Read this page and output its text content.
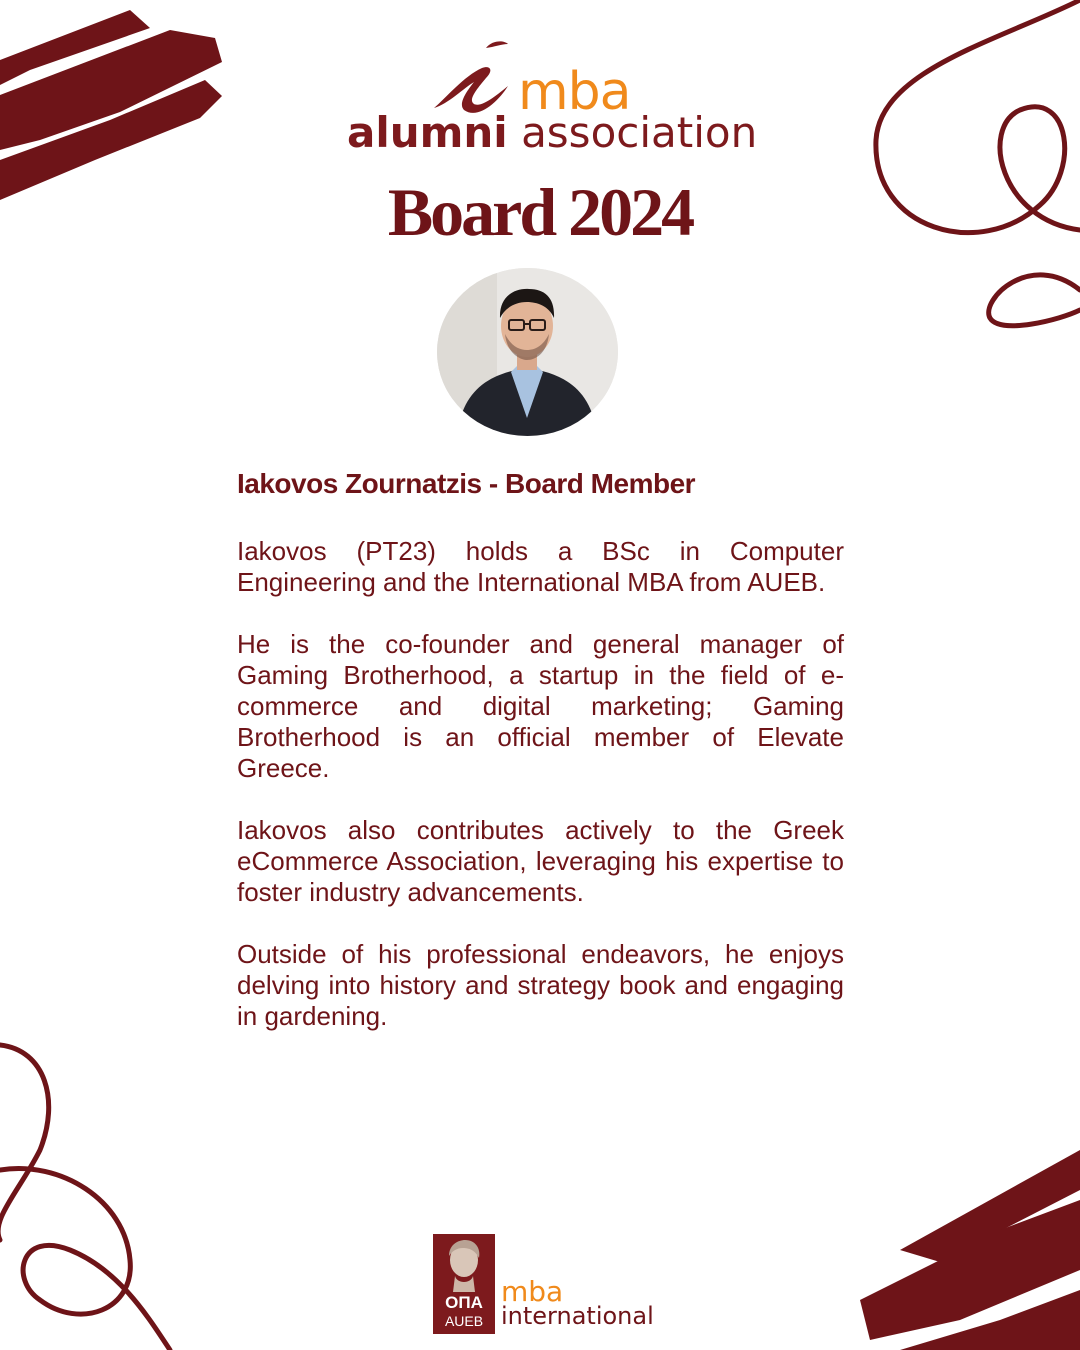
mba
alumni association
Board 2024
Iakovos Zournatzis - Board Member

Iakovos (PT23) holds a BSc in Computer Engineering and the International MBA from AUEB.

He is the co-founder and general manager of Gaming Brotherhood, a startup in the field of e-commerce and digital marketing; Gaming Brotherhood is an official member of Elevate Greece.

Iakovos also contributes actively to the Greek eCommerce Association, leveraging his expertise to foster industry advancements.

Outside of his professional endeavors, he enjoys delving into history and strategy book and engaging in gardening.

ΟΠΑ
AUEB
mba
international
